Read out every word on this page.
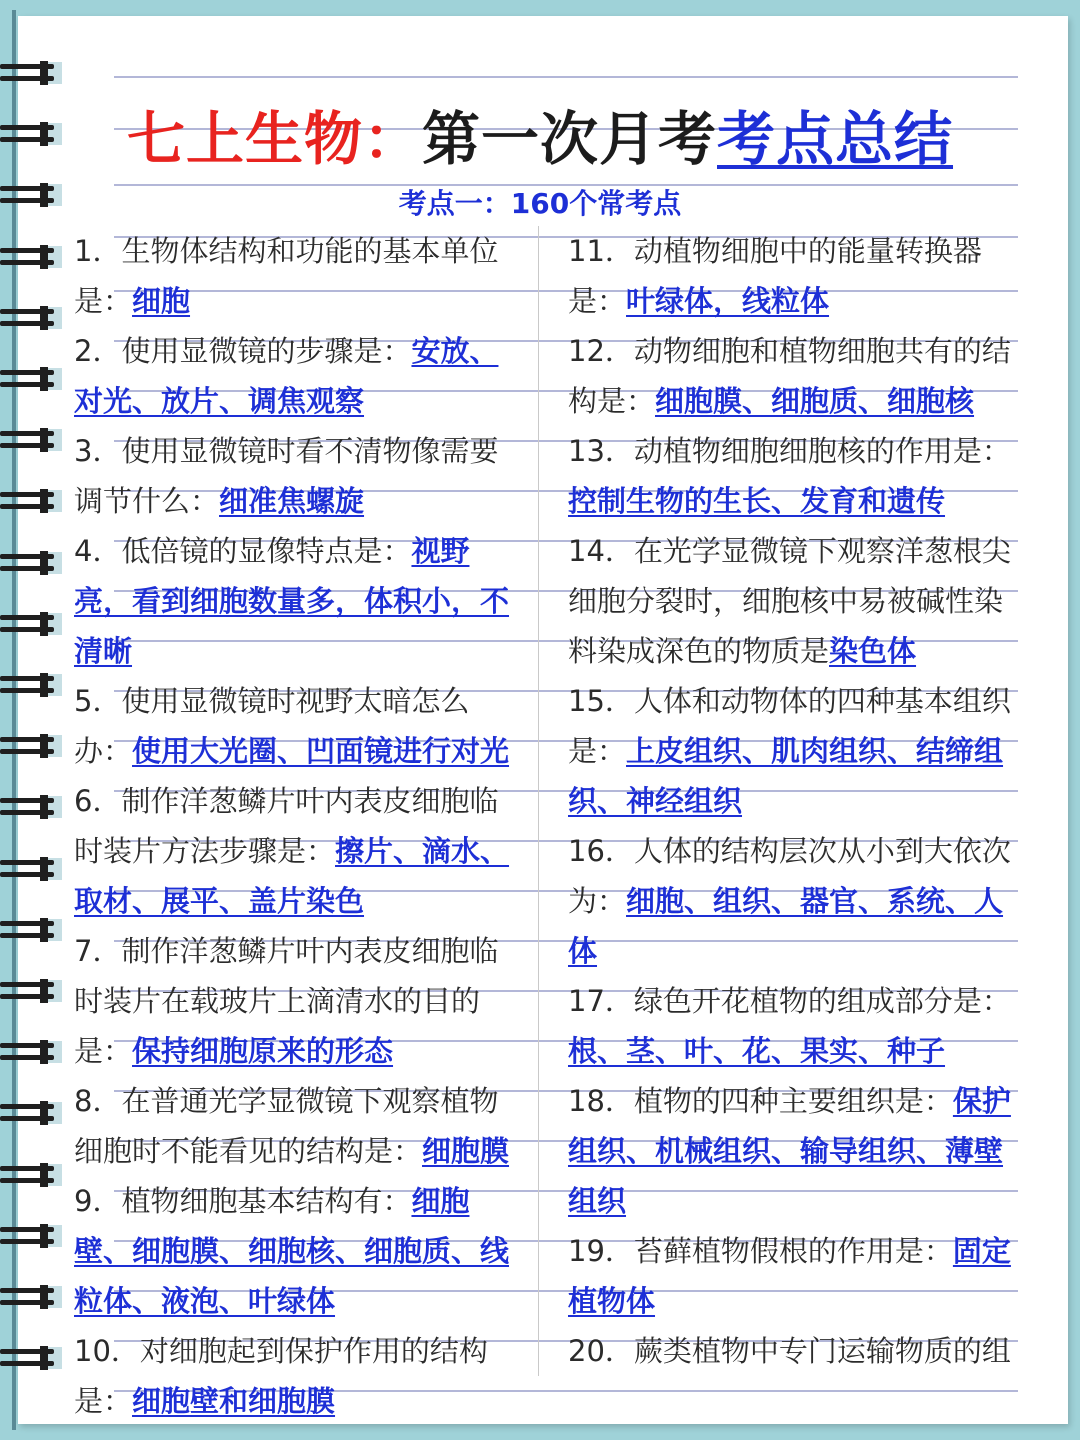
七上生物：第一次月考考点总结
考点一：160个常考点
1．生物体结构和功能的基本单位是：细胞
2．使用显微镜的步骤是：安放、对光、放片、调焦观察
3．使用显微镜时看不清物像需要调节什么：细准焦螺旋
4．低倍镜的显像特点是：视野亮，看到细胞数量多，体积小，不清晰
5．使用显微镜时视野太暗怎么办：使用大光圈、凹面镜进行对光
6．制作洋葱鳞片叶内表皮细胞临时装片方法步骤是：擦片、滴水、取材、展平、盖片染色
7．制作洋葱鳞片叶内表皮细胞临时装片在载玻片上滴清水的目的是：保持细胞原来的形态
8．在普通光学显微镜下观察植物细胞时不能看见的结构是：细胞膜
9．植物细胞基本结构有：细胞壁、细胞膜、细胞核、细胞质、线粒体、液泡、叶绿体
10．对细胞起到保护作用的结构是：细胞壁和细胞膜
11．动植物细胞中的能量转换器是：叶绿体，线粒体
12．动物细胞和植物细胞共有的结构是：细胞膜、细胞质、细胞核
13．动植物细胞细胞核的作用是：控制生物的生长、发育和遗传
14．在光学显微镜下观察洋葱根尖细胞分裂时，细胞核中易被碱性染料染成深色的物质是染色体
15．人体和动物体的四种基本组织是：上皮组织、肌肉组织、结缔组织、神经组织
16．人体的结构层次从小到大依次为：细胞、组织、器官、系统、人体
17．绿色开花植物的组成部分是：根、茎、叶、花、果实、种子
18．植物的四种主要组织是：保护组织、机械组织、输导组织、薄壁组织
19．苔藓植物假根的作用是：固定植物体
20．蕨类植物中专门运输物质的组
